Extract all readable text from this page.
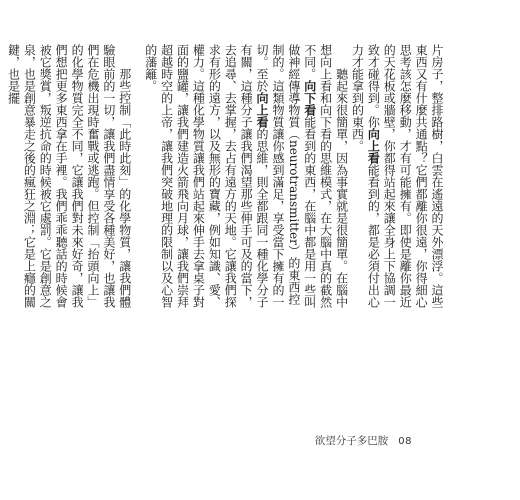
片房子，整排路樹，白雲在遙遠的天外漂浮。這些東西又有什麼共通點？它們都離你很遠，你得細心思考該怎麼移動，才有可能擁有。即使是離你最近的天花板或牆壁，你都得站起來讓全身上下協調一致才碰得到。你向上看能看到的，都是必須付出心力才能拿到的東西。

聽起來很簡單，因為事實就是很簡單。在腦中想向上看和向下看的思維模式，在大腦中真的截然不同。向下看能看到的東西，在腦中都是用一些叫做神經傳導物質（neurotransmitter）的東西控制的。這類物質讓你感到滿足，享受當下擁有的一切。至於向上看的思維，則全都跟同一種化學分子有關，這種分子讓我們渴望那些伸手可及的當下，去追尋、去掌握，去占有遠方的天地。它讓我們探求有形的遠方，以及無形的寶藏，例如知識、愛、權力。這種化學物質讓我們站起來伸手去拿桌子對面的鹽罐，讓我們建造火箭飛向月球，讓我們崇拜超越時空的上帝，讓我們突破地理的限制以及心智的藩籬。

那些控制「此時此刻」的化學物質，讓我們體驗眼前的一切，讓我們盡情享受各種美好，也讓我們在危機出現時奮戰或逃跑。但控制「抬頭向上」的化學物質完全不同，它讓我們對未來好奇，讓我們想把更多東西拿在手裡。我們乖乖聽話的時候會被它獎賞，叛逆抗命的時候被它處罰。它是創意之泉，也是創意暴走之後的瘋狂之淵；它是上癮的關鍵，也是擺

欲望分子多巴胺 08
